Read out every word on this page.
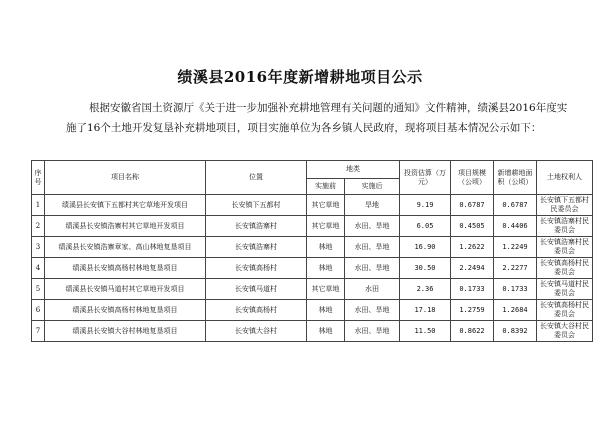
绩溪县2016年度新增耕地项目公示

根据安徽省国土资源厅《关于进一步加强补充耕地管理有关问题的通知》文件精神，绩溪县2016年度实施了16个土地开发复垦补充耕地项目，项目实施单位为各乡镇人民政府，现将项目基本情况公示如下：

序号	项目名称	位置	地类		投资估算（万元）	项目规模（公顷）	新增耕地面积（公顷）	土地权利人
			实施前	实施后				
1	绩溪县长安镇下五都村其它草地开发项目	长安镇下五都村	其它草地	旱地	9.19	0.6787	0.6787	长安镇下五都村民委员会
2	绩溪县长安镇浩寨村其它草地开发项目	长安镇浩寨村	其它草地	水田、旱地	6.05	0.4505	0.4406	长安镇浩寨村民委员会
3	绩溪县长安镇浩寨章家、高山林地复垦项目	长安镇浩寨村	林地	水田、旱地	16.90	1.2622	1.2249	长安镇浩寨村民委员会
4	绩溪县长安镇高杨村林地复垦项目	长安镇高杨村	林地	水田、旱地	30.50	2.2494	2.2277	长安镇高杨村民委员会
5	绩溪县长安镇马道村其它草地开发项目	长安镇马道村	其它草地	水田	2.36	0.1733	0.1733	长安镇马道村民委员会
6	绩溪县长安镇高杨村林地复垦项目	长安镇高杨村	林地	水田、旱地	17.18	1.2759	1.2684	长安镇高杨村民委员会
7	绩溪县长安镇大谷村林地复垦项目	长安镇大谷村	林地	水田、旱地	11.50	0.8622	0.8392	长安镇大谷村民委员会
